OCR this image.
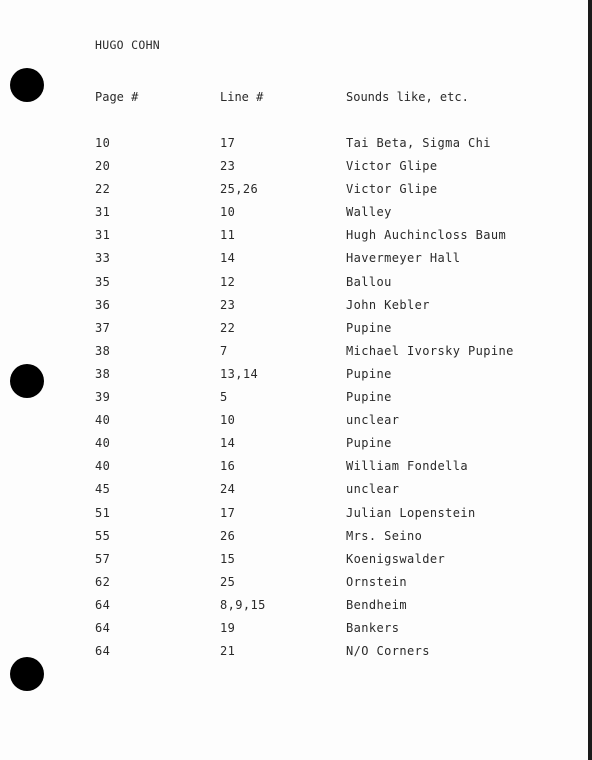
HUGO COHN
Page #	Line #	Sounds like, etc.
10	17	Tai Beta, Sigma Chi
20	23	Victor Glipe
22	25,26	Victor Glipe
31	10	Walley
31	11	Hugh Auchincloss Baum
33	14	Havermeyer Hall
35	12	Ballou
36	23	John Kebler
37	22	Pupine
38	7	Michael Ivorsky Pupine
38	13,14	Pupine
39	5	Pupine
40	10	unclear
40	14	Pupine
40	16	William Fondella
45	24	unclear
51	17	Julian Lopenstein
55	26	Mrs. Seino
57	15	Koenigswalder
62	25	Ornstein
64	8,9,15	Bendheim
64	19	Bankers
64	21	N/O Corners
